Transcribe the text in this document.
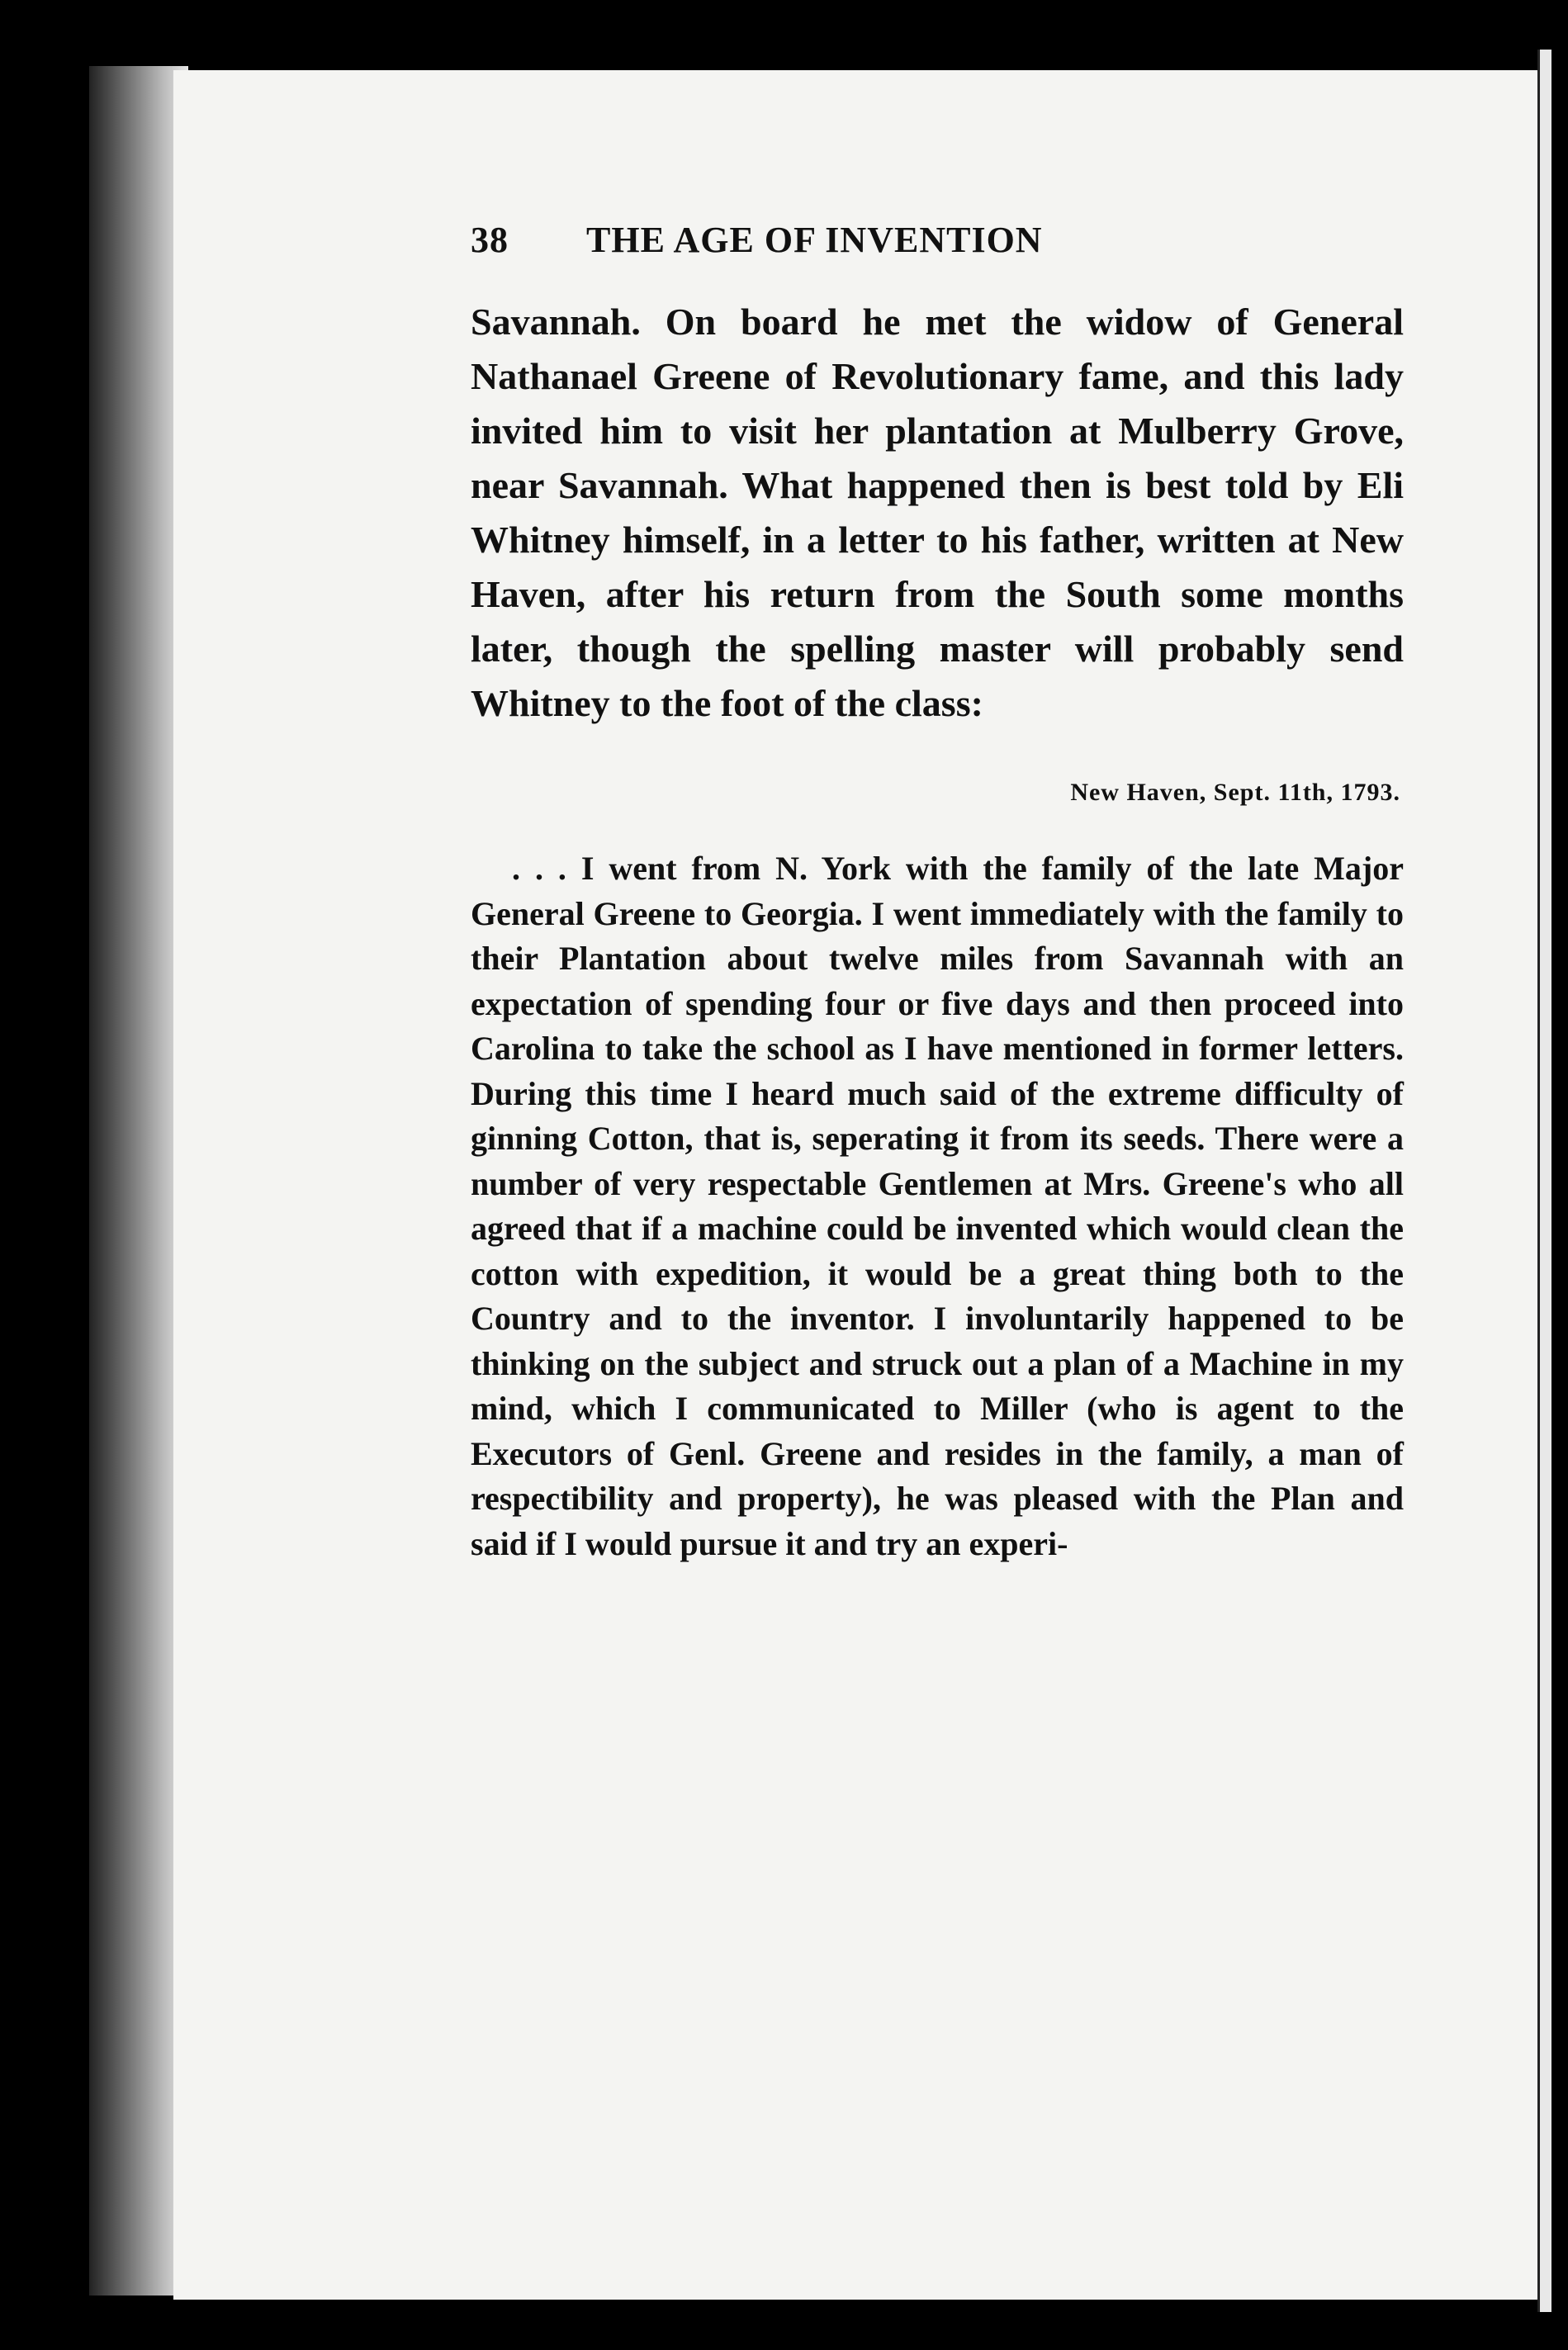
38	THE AGE OF INVENTION
Savannah. On board he met the widow of General Nathanael Greene of Revolutionary fame, and this lady invited him to visit her plantation at Mulberry Grove, near Savannah. What happened then is best told by Eli Whitney himself, in a letter to his father, written at New Haven, after his return from the South some months later, though the spelling master will probably send Whitney to the foot of the class:
New Haven, Sept. 11th, 1793.
. . . I went from N. York with the family of the late Major General Greene to Georgia. I went immediately with the family to their Plantation about twelve miles from Savannah with an expectation of spending four or five days and then proceed into Carolina to take the school as I have mentioned in former letters. During this time I heard much said of the extreme difficulty of ginning Cotton, that is, seperating it from its seeds. There were a number of very respectable Gentlemen at Mrs. Greene's who all agreed that if a machine could be invented which would clean the cotton with expedition, it would be a great thing both to the Country and to the inventor. I involuntarily happened to be thinking on the subject and struck out a plan of a Machine in my mind, which I communicated to Miller (who is agent to the Executors of Genl. Greene and resides in the family, a man of respectibility and property), he was pleased with the Plan and said if I would pursue it and try an experi-
